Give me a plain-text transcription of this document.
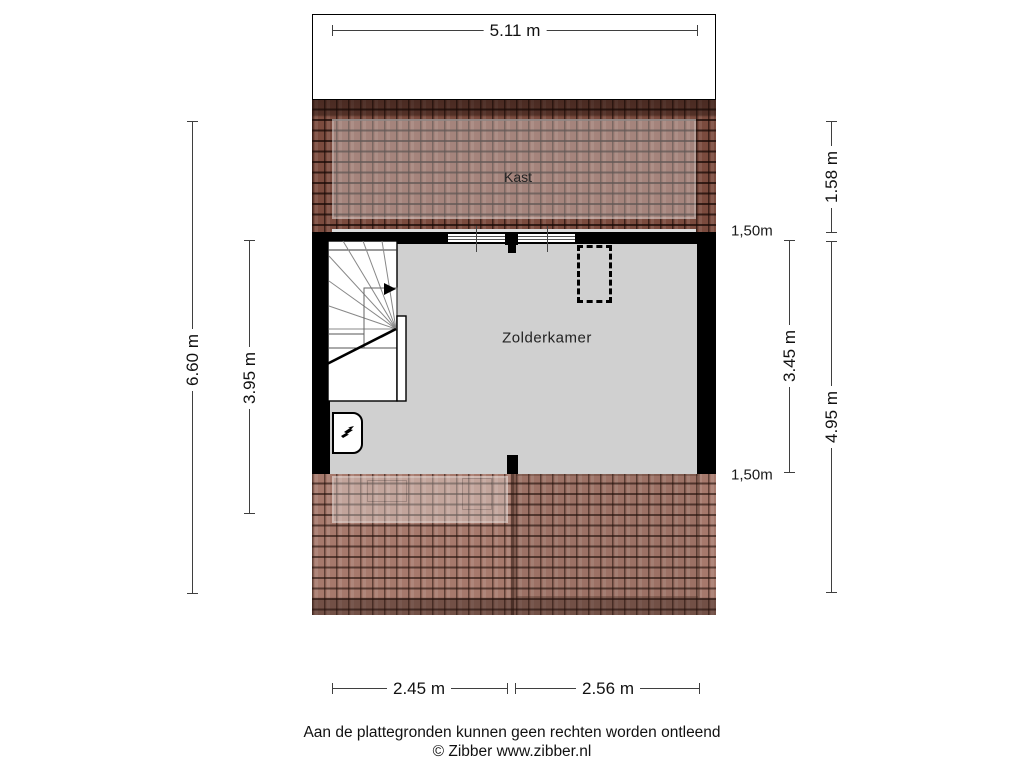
5.11 m
Kast
Zolderkamer
6.60 m 3.95 m
1.58 m
3.45 m
4.95 m
1,50m
1,50m
2.45 m	2.56 m
Aan de plattegronden kunnen geen rechten worden ontleend
© Zibber www.zibber.nl
